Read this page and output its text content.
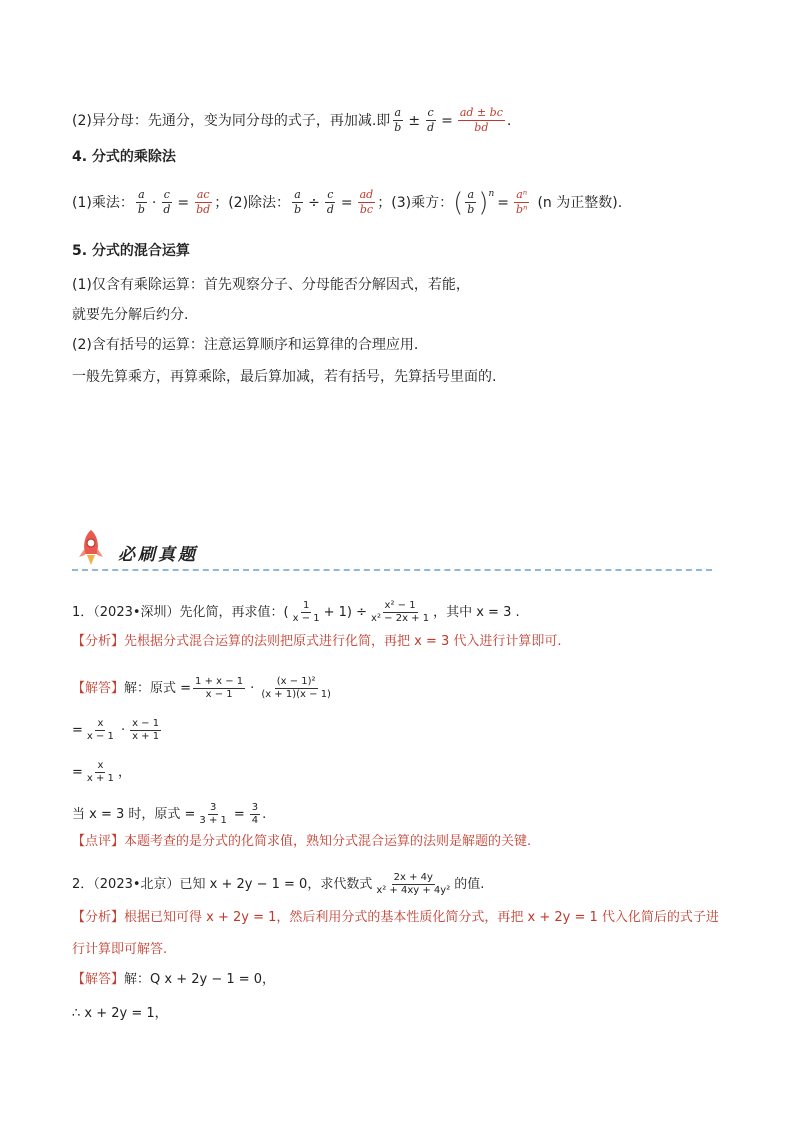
(2)异分母：先通分，变为同分母的式子，再加减.即 $\frac{a}{b} \pm \frac{c}{d} = \frac{ad \pm bc}{bd}$ .
4. 分式的乘除法
(1)乘法： $\frac{a}{b} \cdot \frac{c}{d} = \frac{ac}{bd}$ ； (2)除法： $\frac{a}{b} \div \frac{c}{d} = \frac{ad}{bc}$ ； (3)乘方： ( $\frac{a}{b}$ ) n
= $\frac{\text{aⁿ}}{\text{bⁿ}} (n$ 为正整数).
5. 分式的混合运算
(1)仅含有乘除运算：首先观察分子、分母能否分解因式，若能，
就要先分解后约分.
(2)含有括号的运算：注意运算顺序和运算律的合理应用.
一般先算乘方，再算乘除，最后算加减，若有括号，先算括号里面的.
必刷真题
1．（2023•深圳）先化简，再求值：( $\frac{1}{x - 1} + 1) \div \frac{\text{x² − 1}}{\text{x² − 2x + 1}}$ ，其中 x = 3 .
【分析】 先根据分式混合运算的法则把原式进行化简，再把 x = 3 代入进行计算即可.
【解答】 解：原式 = $\frac{1 + x - 1}{x - 1} \cdot \frac{\text{(x − 1)²}}{(x + 1)(x - 1)}$
= $\frac{x}{x - 1} \cdot \frac{x - 1}{x + 1}$
= $\frac{x}{x + 1}$ ，
当 x = 3 时，原式 = $\frac{3}{3 + 1} = \frac{3}{4}$ .
【点评】 本题考查的是分式的化简求值，熟知分式混合运算的法则是解题的关键.
2．（2023•北京）已知 x + 2y − 1 = 0，求代数式 $\frac{2x + 4y}{\text{x² + 4xy + 4y²}}$ 的值.
【分析】 根据已知可得 x + 2y = 1，然后利用分式的基本性质化简分式，再把 x + 2y = 1 代入化简后的式子进
行计算即可解答.
【解答】 解：Q x + 2y − 1 = 0，
∴ x + 2y = 1，
